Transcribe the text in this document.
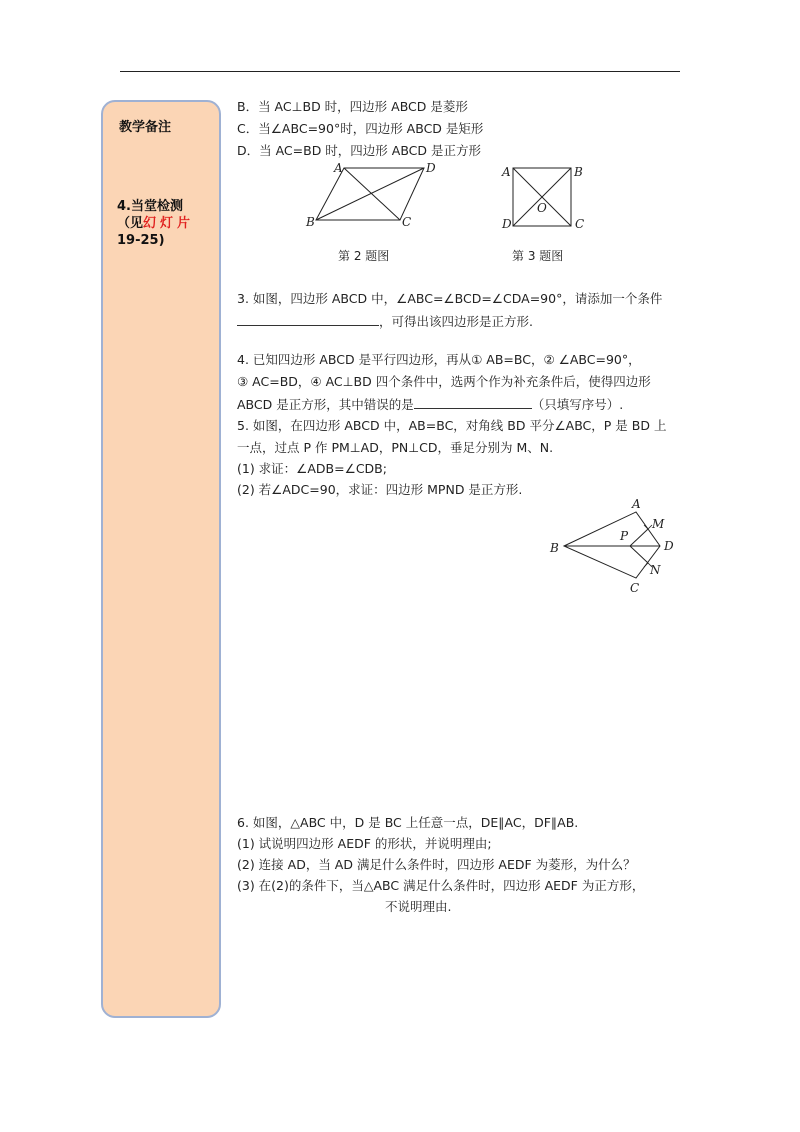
教学备注
4.当堂检测
（见幻灯片
19-25)
B．当 AC⊥BD 时，四边形 ABCD 是菱形
C．当∠ABC=90°时，四边形 ABCD 是矩形
D．当 AC=BD 时，四边形 ABCD 是正方形
A	D
B	C
第 2 题图
A	B
D	C
O
第 3 题图
3. 如图，四边形 ABCD 中，∠ABC=∠BCD=∠CDA=90°，请添加一个条件
，可得出该四边形是正方形.
4. 已知四边形 ABCD 是平行四边形，再从① AB=BC，② ∠ABC=90°，
③ AC=BD，④ AC⊥BD 四个条件中，选两个作为补充条件后，使得四边形
ABCD 是正方形，其中错误的是	（只填写序号）.
5. 如图，在四边形 ABCD 中，AB=BC，对角线 BD 平分∠ABC，P 是 BD 上
一点，过点 P 作 PM⊥AD，PN⊥CD，垂足分别为 M、N.
(1) 求证：∠ADB=∠CDB;
(2) 若∠ADC=90，求证：四边形 MPND 是正方形.
A
M
P
B	D
N
C
6. 如图，△ABC 中，D 是 BC 上任意一点，DE∥AC，DF∥AB.
(1) 试说明四边形 AEDF 的形状，并说明理由;
(2) 连接 AD，当 AD 满足什么条件时，四边形 AEDF 为菱形，为什么？
(3) 在(2)的条件下，当△ABC 满足什么条件时，四边形 AEDF 为正方形，
不说明理由.
